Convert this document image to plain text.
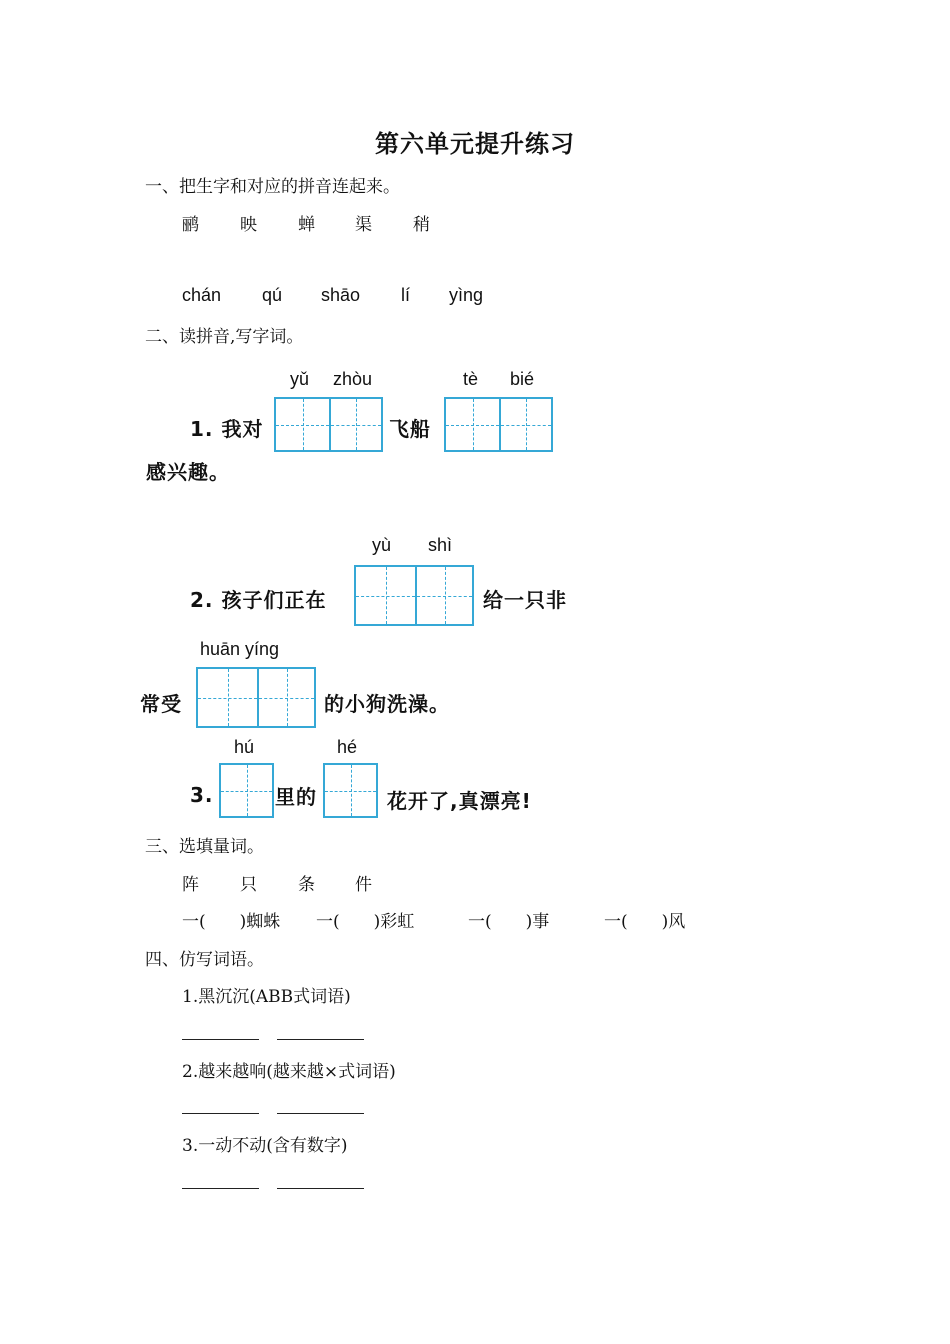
第六单元提升练习
一、把生字和对应的拼音连起来。
鹂 映 蝉 渠 稍
chán qú shāo lí yìng
二、读拼音,写字词。
yǔ zhòu	tè bié
1. 我对	飞船
感兴趣。
yù shì
2. 孩子们正在	给一只非
huān yíng
常受	的小狗洗澡。
hú	hé
3.	里的	花开了,真漂亮!
三、选填量词。
阵 只 条 件
一(　　)蜘蛛 一(　　)彩虹	一(　　)事	一(　　)风
四、仿写词语。
1.黑沉沉(ABB式词语)
2.越来越响(越来越×式词语)
3.一动不动(含有数字)
